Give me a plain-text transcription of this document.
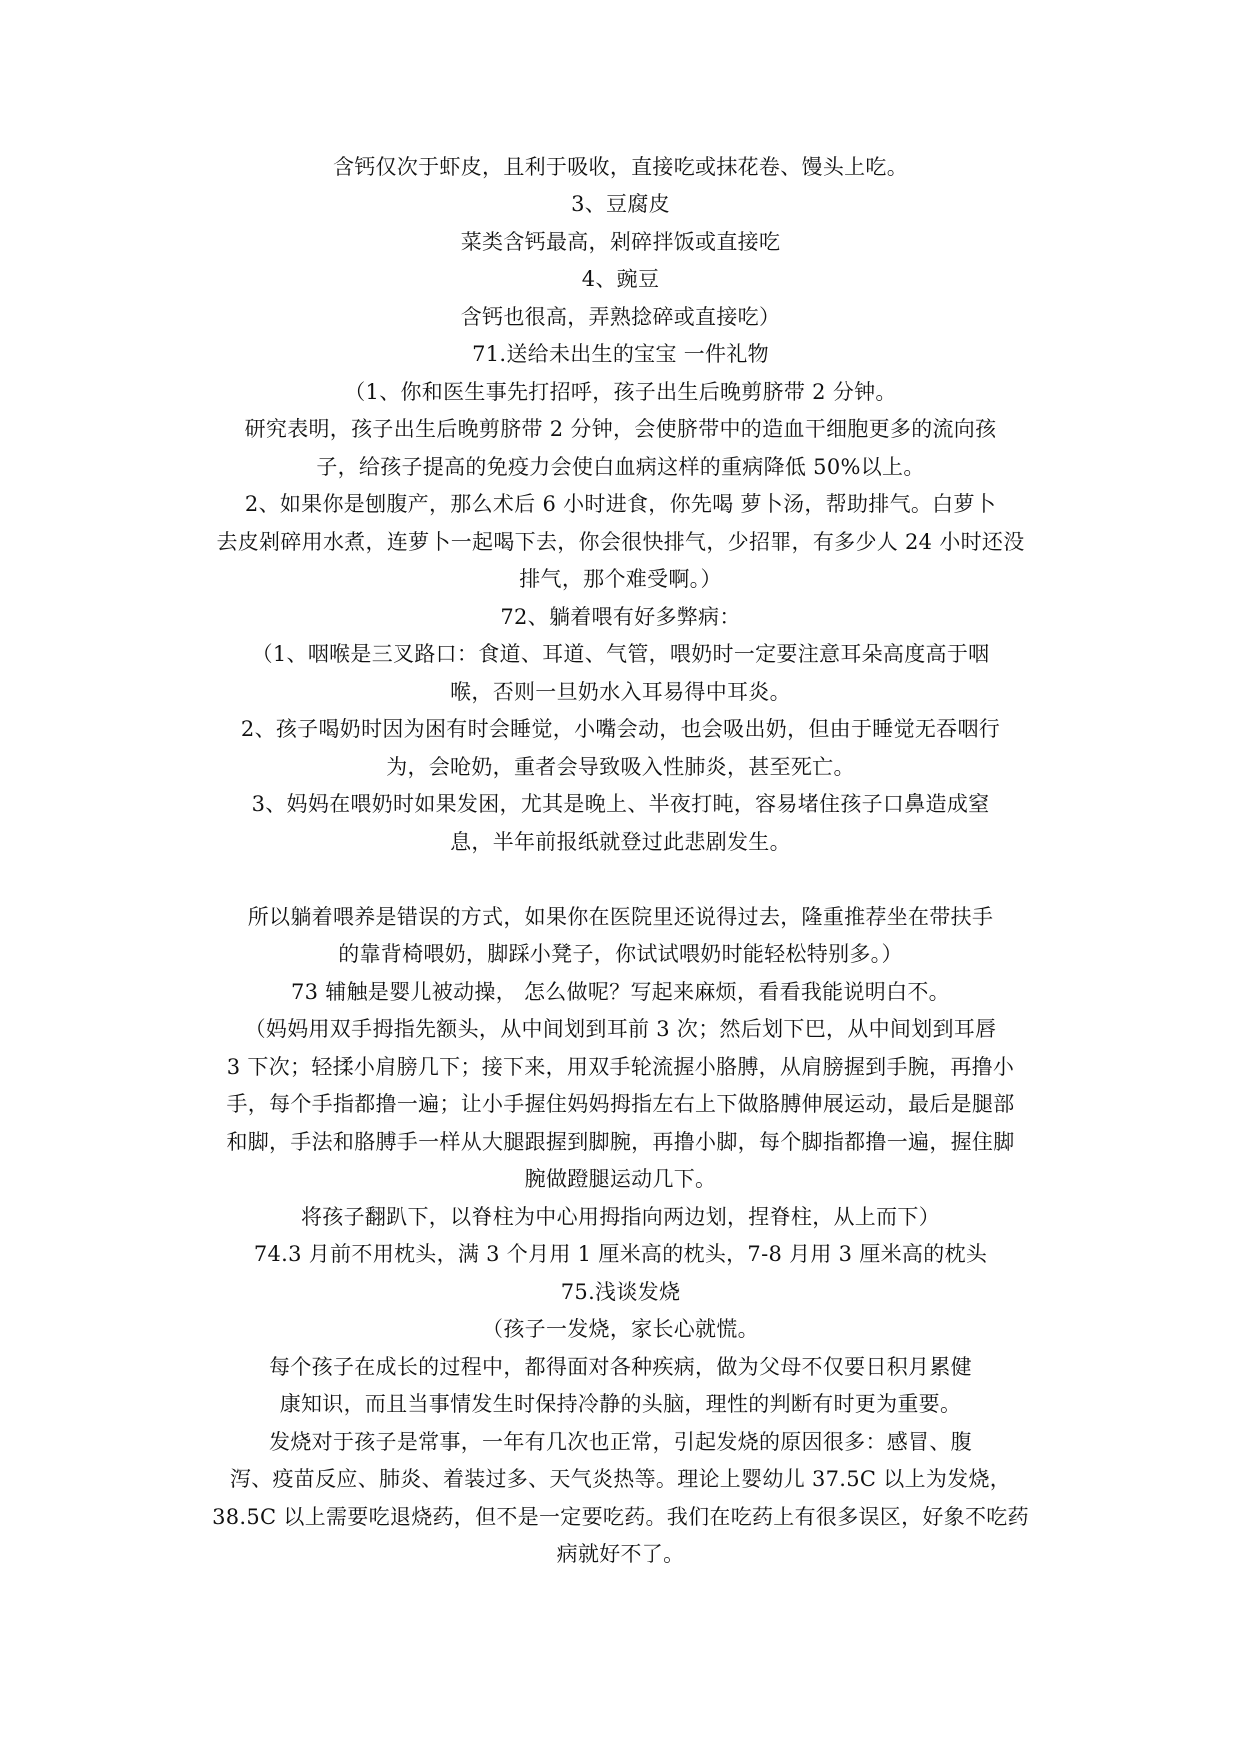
含钙仅次于虾皮，且利于吸收，直接吃或抹花卷、馒头上吃。
3、豆腐皮
菜类含钙最高，剁碎拌饭或直接吃
4、豌豆
含钙也很高，弄熟捻碎或直接吃）
71.送给未出生的宝宝 一件礼物
（1、你和医生事先打招呼，孩子出生后晚剪脐带 2 分钟。
研究表明，孩子出生后晚剪脐带 2 分钟，会使脐带中的造血干细胞更多的流向孩
子，给孩子提高的免疫力会使白血病这样的重病降低 50%以上。
2、如果你是刨腹产，那么术后 6 小时进食，你先喝 萝卜汤，帮助排气。白萝卜
去皮剁碎用水煮，连萝卜一起喝下去，你会很快排气，少招罪，有多少人 24 小时还没
排气，那个难受啊。）
72、躺着喂有好多弊病：
（1、咽喉是三叉路口：食道、耳道、气管，喂奶时一定要注意耳朵高度高于咽
喉，否则一旦奶水入耳易得中耳炎。
2、孩子喝奶时因为困有时会睡觉，小嘴会动，也会吸出奶，但由于睡觉无吞咽行
为，会呛奶，重者会导致吸入性肺炎，甚至死亡。
3、妈妈在喂奶时如果发困，尤其是晚上、半夜打盹，容易堵住孩子口鼻造成窒
息，半年前报纸就登过此悲剧发生。
所以躺着喂养是错误的方式，如果你在医院里还说得过去，隆重推荐坐在带扶手
的靠背椅喂奶，脚踩小凳子，你试试喂奶时能轻松特别多。）
73 辅触是婴儿被动操， 怎么做呢？写起来麻烦，看看我能说明白不。
（妈妈用双手拇指先额头，从中间划到耳前 3 次；然后划下巴，从中间划到耳唇
3 下次；轻揉小肩膀几下；接下来，用双手轮流握小胳膊，从肩膀握到手腕，再撸小
手，每个手指都撸一遍；让小手握住妈妈拇指左右上下做胳膊伸展运动，最后是腿部
和脚，手法和胳膊手一样从大腿跟握到脚腕，再撸小脚，每个脚指都撸一遍，握住脚
腕做蹬腿运动几下。
将孩子翻趴下，以脊柱为中心用拇指向两边划，捏脊柱，从上而下）
74.3 月前不用枕头，满 3 个月用 1 厘米高的枕头，7-8 月用 3 厘米高的枕头
75.浅谈发烧
（孩子一发烧，家长心就慌。
每个孩子在成长的过程中，都得面对各种疾病，做为父母不仅要日积月累健
康知识，而且当事情发生时保持冷静的头脑，理性的判断有时更为重要。
发烧对于孩子是常事，一年有几次也正常，引起发烧的原因很多：感冒、腹
泻、疫苗反应、肺炎、着装过多、天气炎热等。理论上婴幼儿 37.5C 以上为发烧，
38.5C 以上需要吃退烧药，但不是一定要吃药。我们在吃药上有很多误区，好象不吃药
病就好不了。
